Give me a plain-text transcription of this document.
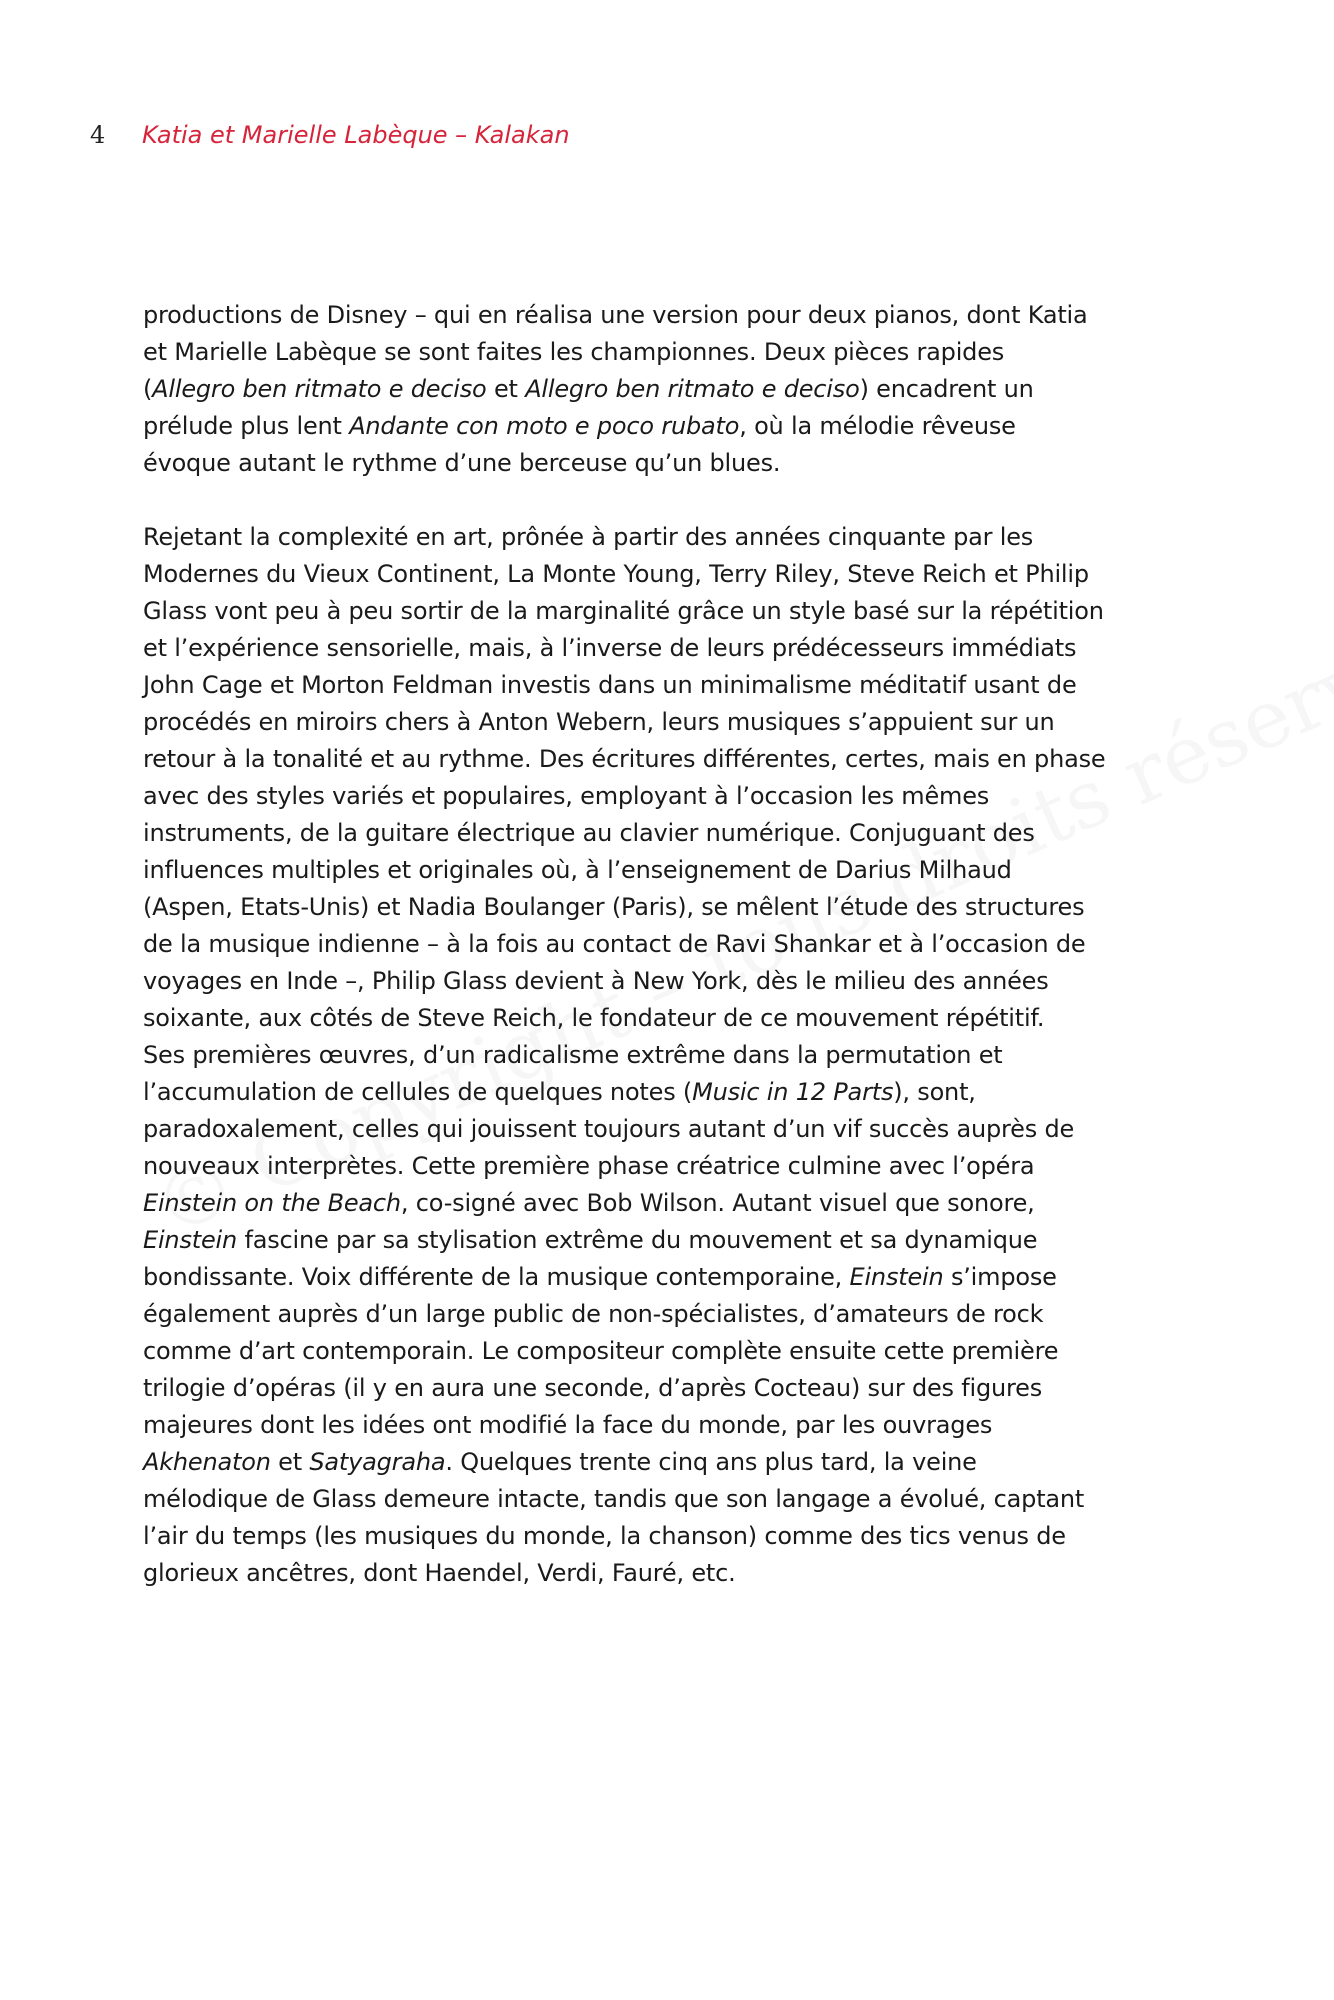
4 Katia et Marielle Labèque – Kalakan

productions de Disney – qui en réalisa une version pour deux pianos, dont Katia
et Marielle Labèque se sont faites les championnes. Deux pièces rapides
(Allegro ben ritmato e deciso et Allegro ben ritmato e deciso) encadrent un
prélude plus lent Andante con moto e poco rubato, où la mélodie rêveuse
évoque autant le rythme d’une berceuse qu’un blues.

Rejetant la complexité en art, prônée à partir des années cinquante par les
Modernes du Vieux Continent, La Monte Young, Terry Riley, Steve Reich et Philip
Glass vont peu à peu sortir de la marginalité grâce un style basé sur la répétition
et l’expérience sensorielle, mais, à l’inverse de leurs prédécesseurs immédiats
John Cage et Morton Feldman investis dans un minimalisme méditatif usant de
procédés en miroirs chers à Anton Webern, leurs musiques s’appuient sur un
retour à la tonalité et au rythme. Des écritures différentes, certes, mais en phase
avec des styles variés et populaires, employant à l’occasion les mêmes
instruments, de la guitare électrique au clavier numérique. Conjuguant des
influences multiples et originales où, à l’enseignement de Darius Milhaud
(Aspen, Etats-Unis) et Nadia Boulanger (Paris), se mêlent l’étude des structures
de la musique indienne – à la fois au contact de Ravi Shankar et à l’occasion de
voyages en Inde –, Philip Glass devient à New York, dès le milieu des années
soixante, aux côtés de Steve Reich, le fondateur de ce mouvement répétitif.
Ses premières œuvres, d’un radicalisme extrême dans la permutation et
l’accumulation de cellules de quelques notes (Music in 12 Parts), sont,
paradoxalement, celles qui jouissent toujours autant d’un vif succès auprès de
nouveaux interprètes. Cette première phase créatrice culmine avec l’opéra
Einstein on the Beach, co-signé avec Bob Wilson. Autant visuel que sonore,
Einstein fascine par sa stylisation extrême du mouvement et sa dynamique
bondissante. Voix différente de la musique contemporaine, Einstein s’impose
également auprès d’un large public de non-spécialistes, d’amateurs de rock
comme d’art contemporain. Le compositeur complète ensuite cette première
trilogie d’opéras (il y en aura une seconde, d’après Cocteau) sur des figures
majeures dont les idées ont modifié la face du monde, par les ouvrages
Akhenaton et Satyagraha. Quelques trente cinq ans plus tard, la veine
mélodique de Glass demeure intacte, tandis que son langage a évolué, captant
l’air du temps (les musiques du monde, la chanson) comme des tics venus de
glorieux ancêtres, dont Haendel, Verdi, Fauré, etc.
